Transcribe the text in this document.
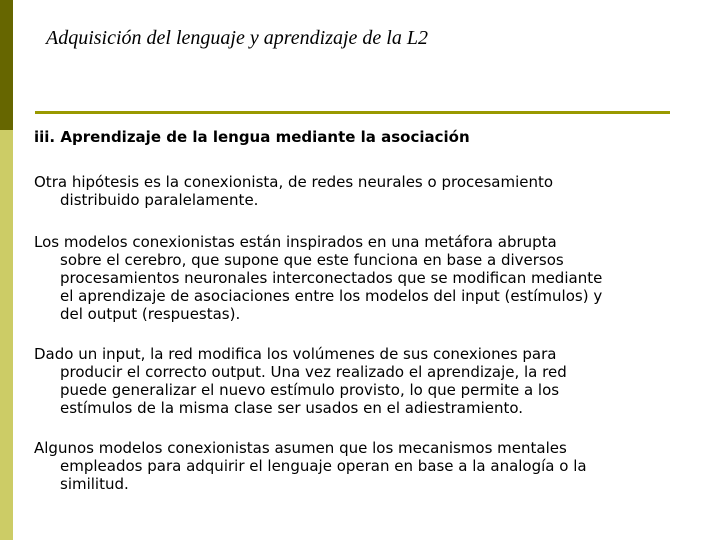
Adquisición del lenguaje y aprendizaje de la L2
iii. Aprendizaje de la lengua mediante la asociación

Otra hipótesis es la conexionista, de redes neurales o procesamiento
distribuido paralelamente.

Los modelos conexionistas están inspirados en una metáfora abrupta
sobre el cerebro, que supone que este funciona en base a diversos
procesamientos neuronales interconectados que se modifican mediante
el aprendizaje de asociaciones entre los modelos del input (estímulos) y
del output (respuestas).

Dado un input, la red modifica los volúmenes de sus conexiones para
producir el correcto output. Una vez realizado el aprendizaje, la red
puede generalizar el nuevo estímulo provisto, lo que permite a los
estímulos de la misma clase ser usados en el adiestramiento.

Algunos modelos conexionistas asumen que los mecanismos mentales
empleados para adquirir el lenguaje operan en base a la analogía o la
similitud.
